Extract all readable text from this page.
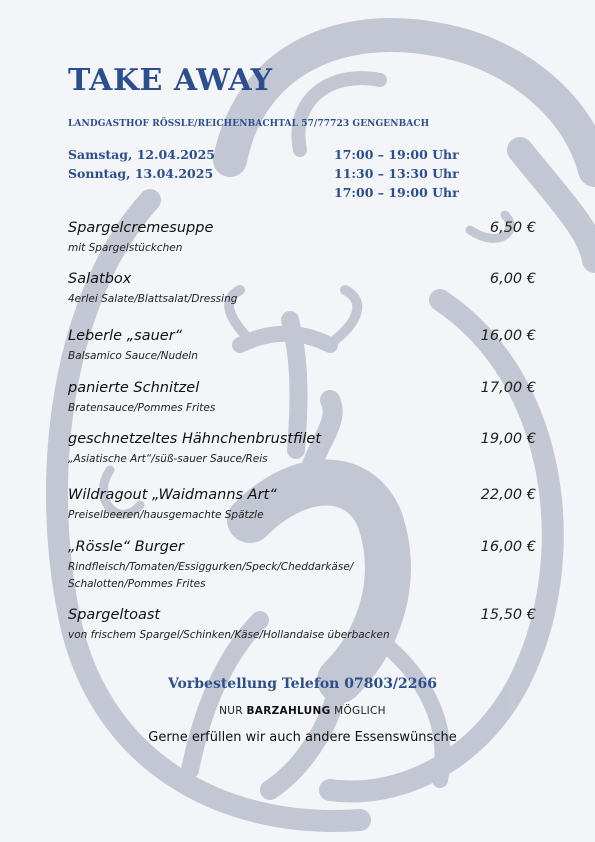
TAKE AWAY
LANDGASTHOF RÖSSLE/REICHENBACHTAL 57/77723 GENGENBACH
Samstag, 12.04.2025
Sonntag, 13.04.2025
17:00 – 19:00 Uhr
11:30 – 13:30 Uhr
17:00 – 19:00 Uhr
Spargelcremesuppe
mit Spargelstückchen
6,50 €
Salatbox
4erlei Salate/Blattsalat/Dressing
6,00 €
Leberle „sauer“
Balsamico Sauce/Nudeln
16,00 €
panierte Schnitzel
Bratensauce/Pommes Frites
17,00 €
geschnetzeltes Hähnchenbrustfilet
„Asiatische Art“/süß-sauer Sauce/Reis
19,00 €
Wildragout „Waidmanns Art“
Preiselbeeren/hausgemachte Spätzle
22,00 €
„Rössle“ Burger
Rindfleisch/Tomaten/Essiggurken/Speck/Cheddarkäse/
Schalotten/Pommes Frites
16,00 €
Spargeltoast
von frischem Spargel/Schinken/Käse/Hollandaise überbacken
15,50 €
Vorbestellung Telefon 07803/2266
NUR BARZAHLUNG MÖGLICH
Gerne erfüllen wir auch andere Essenswünsche
